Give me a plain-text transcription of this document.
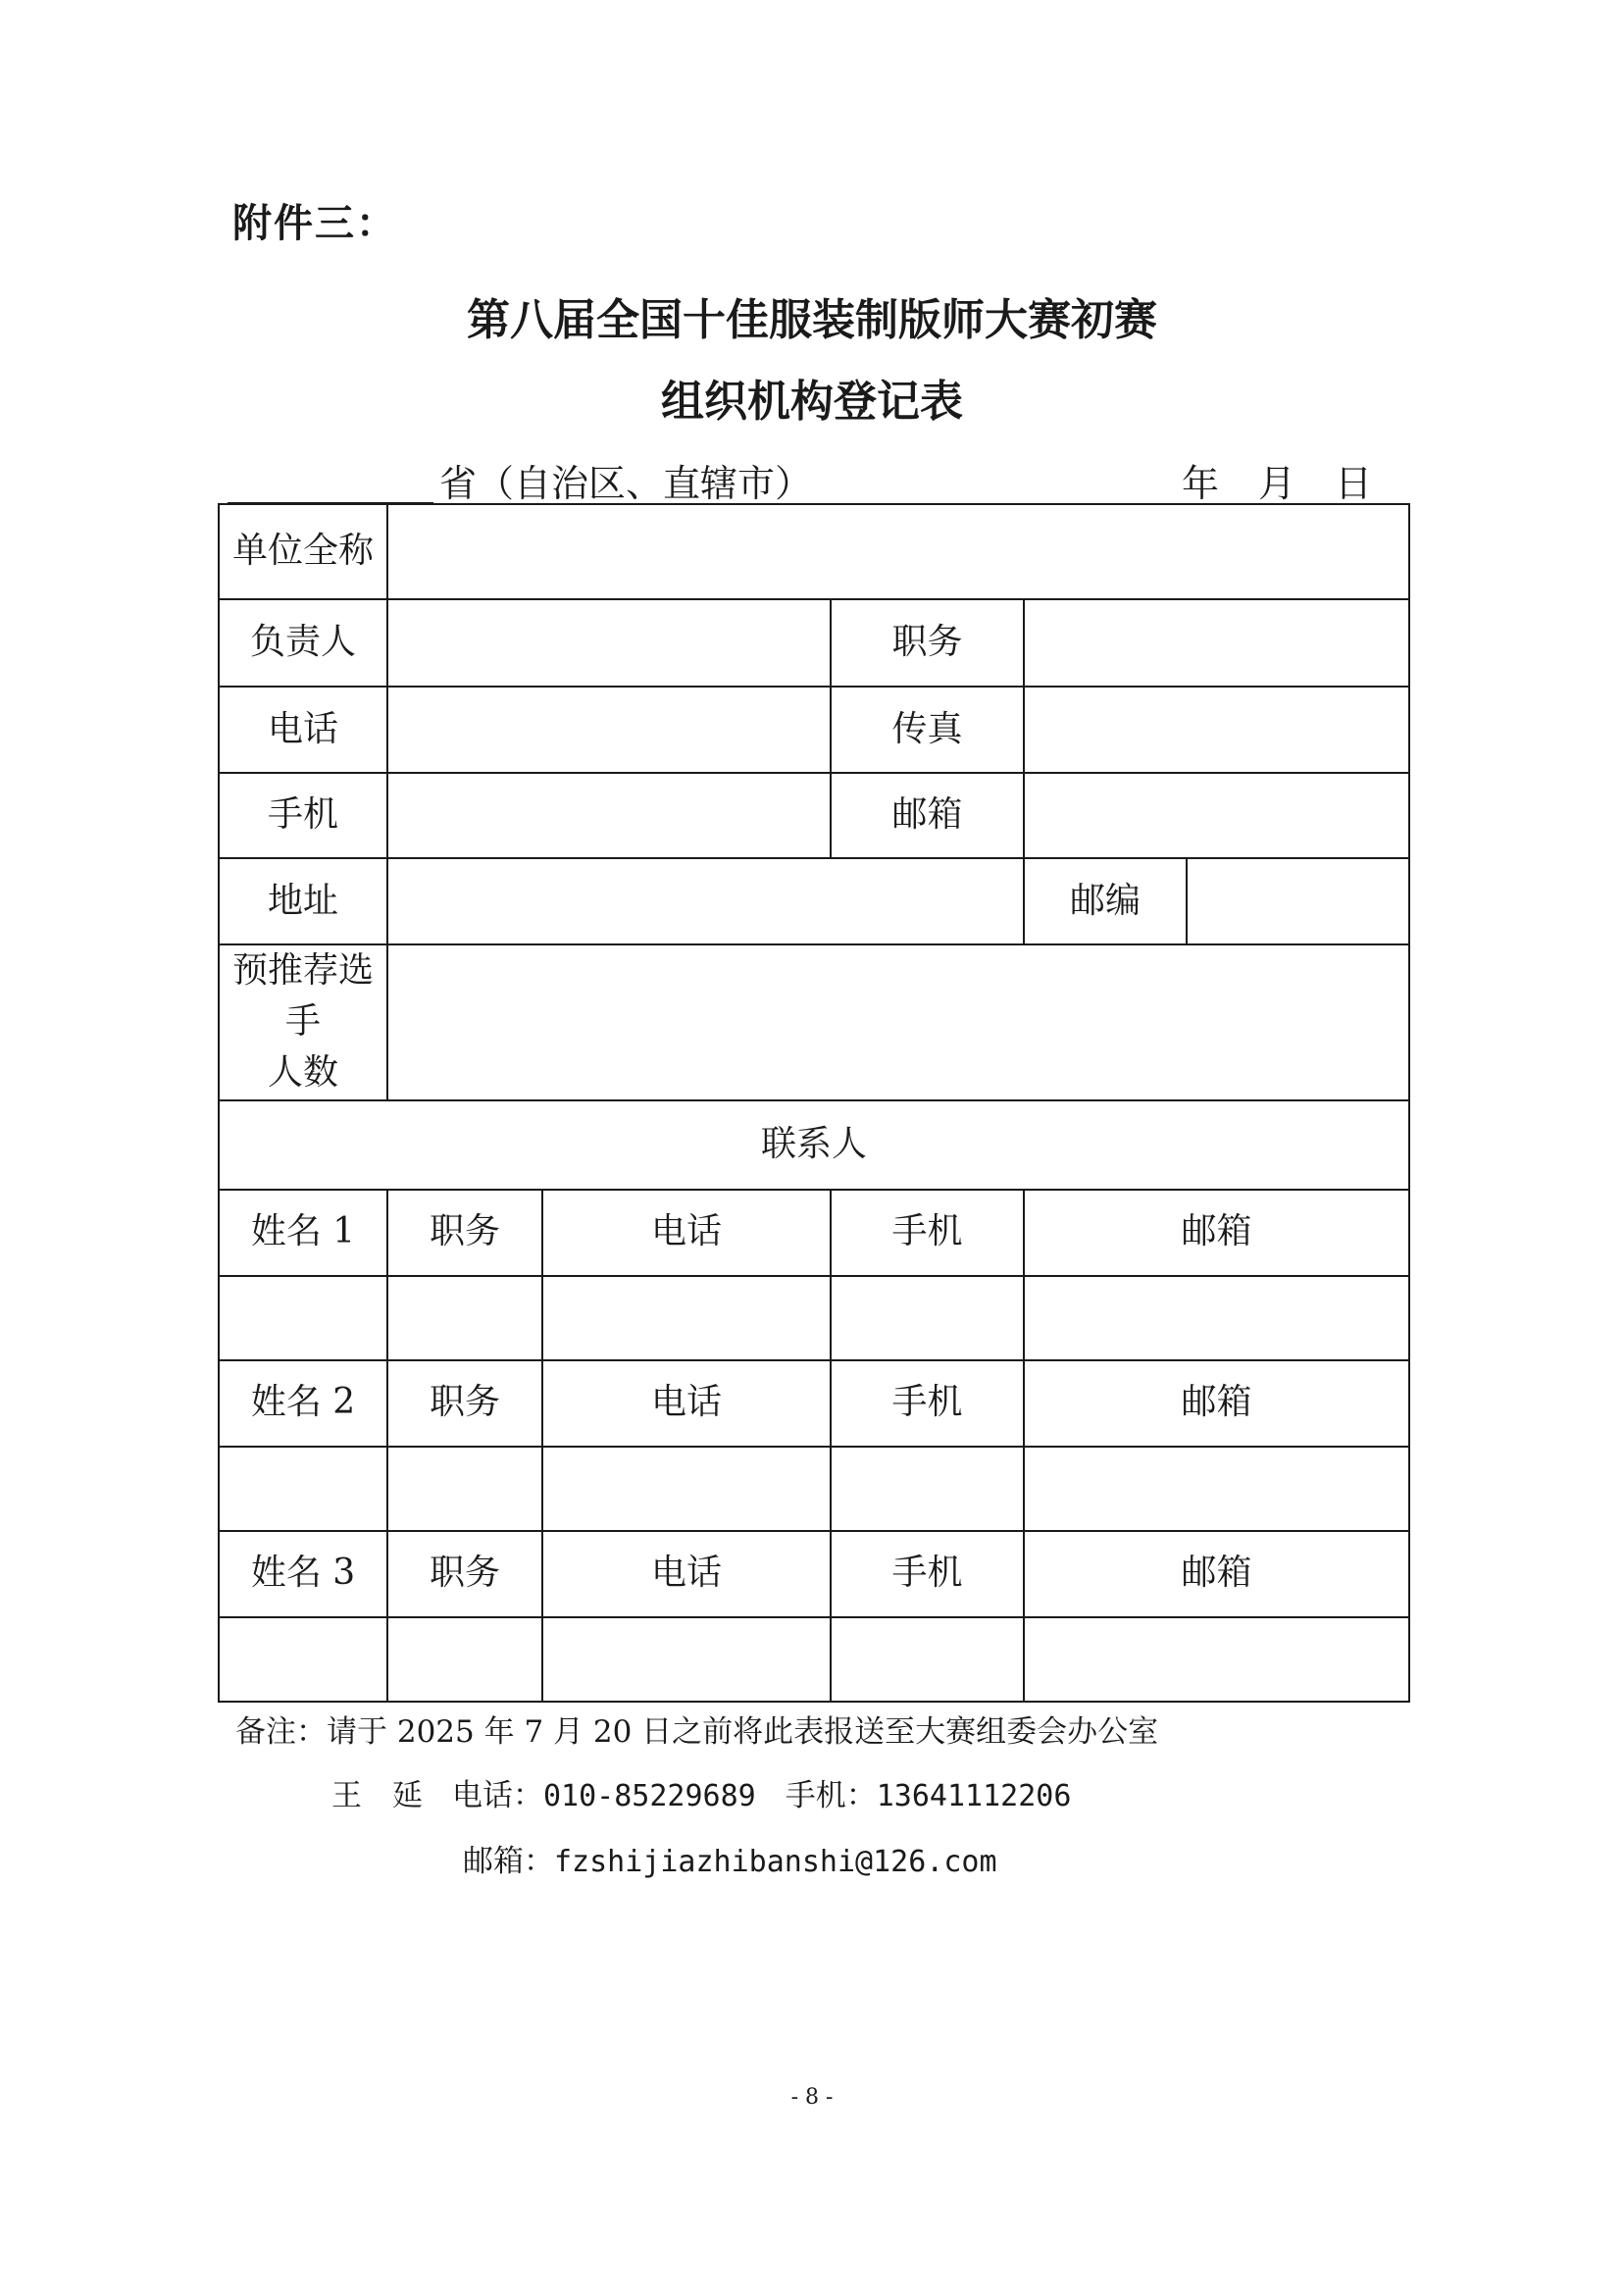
附件三：
第八届全国十佳服装制版师大赛初赛
组织机构登记表
省（自治区、直辖市）	年 月 日
单位全称					
负责人			职务		
电话			传真		
手机			邮箱		
地址				邮编	

预推荐选手
人数					

联系人					
姓名 1	职务	电话	手机	邮箱	

姓名 2	职务	电话	手机	邮箱	

姓名 3	职务	电话	手机	邮箱	

备注：请于 2025 年 7 月 20 日之前将此表报送至大赛组委会办公室
王　延 电话：010-85229689 手机：13641112206
邮箱：fzshijiazhibanshi@126.com
- 8 -
